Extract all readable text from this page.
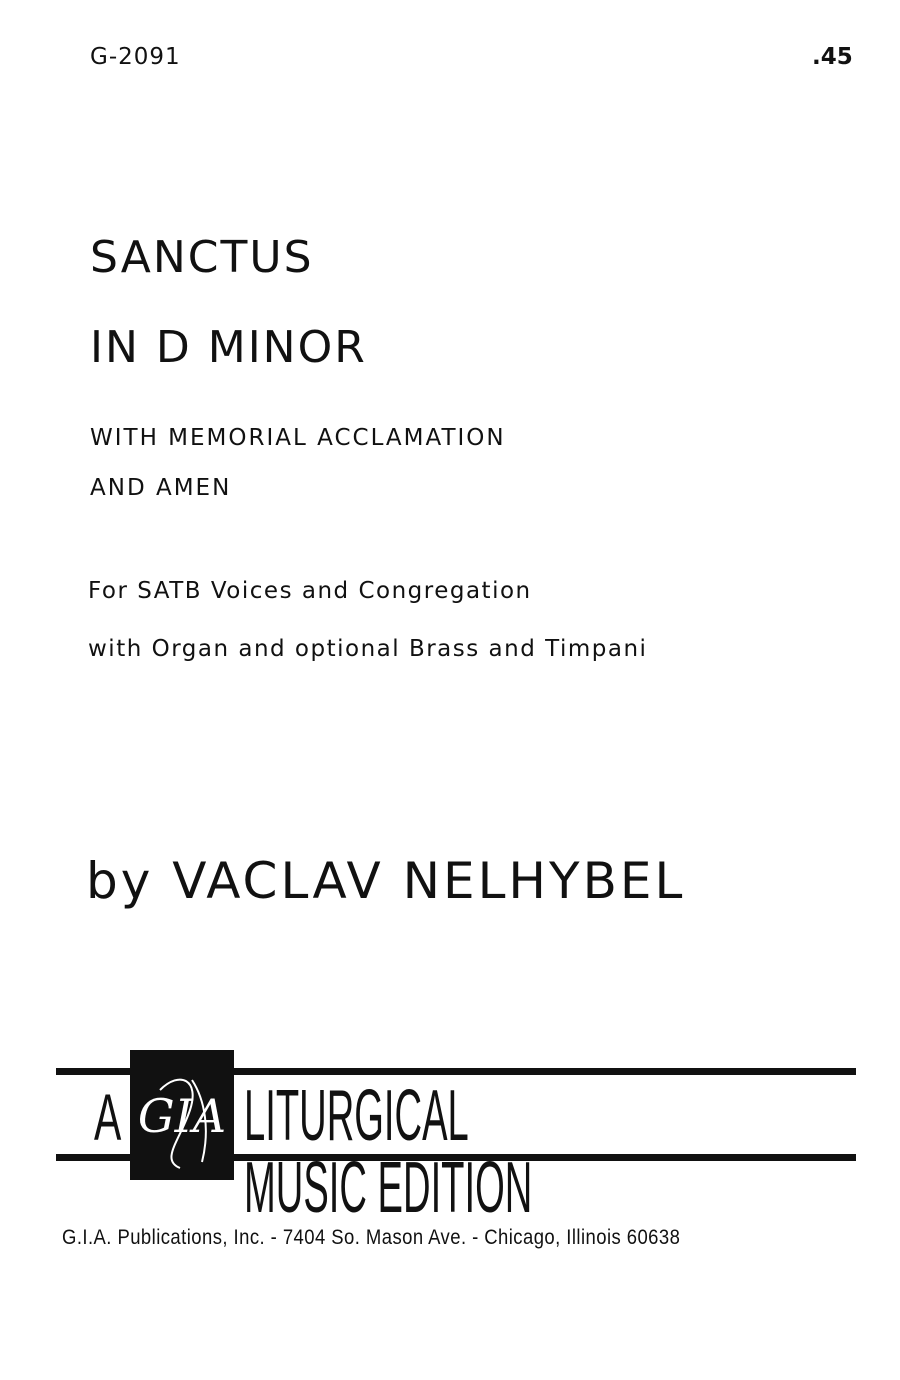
G-2091	.45

SANCTUS
IN D MINOR

WITH MEMORIAL ACCLAMATION

AND AMEN

For SATB Voices and Congregation

with Organ and optional Brass and Timpani

by VACLAV NELHYBEL

A GIA LITURGICAL MUSIC EDITION

G.I.A. Publications, Inc. - 7404 So. Mason Ave. - Chicago, Illinois 60638
